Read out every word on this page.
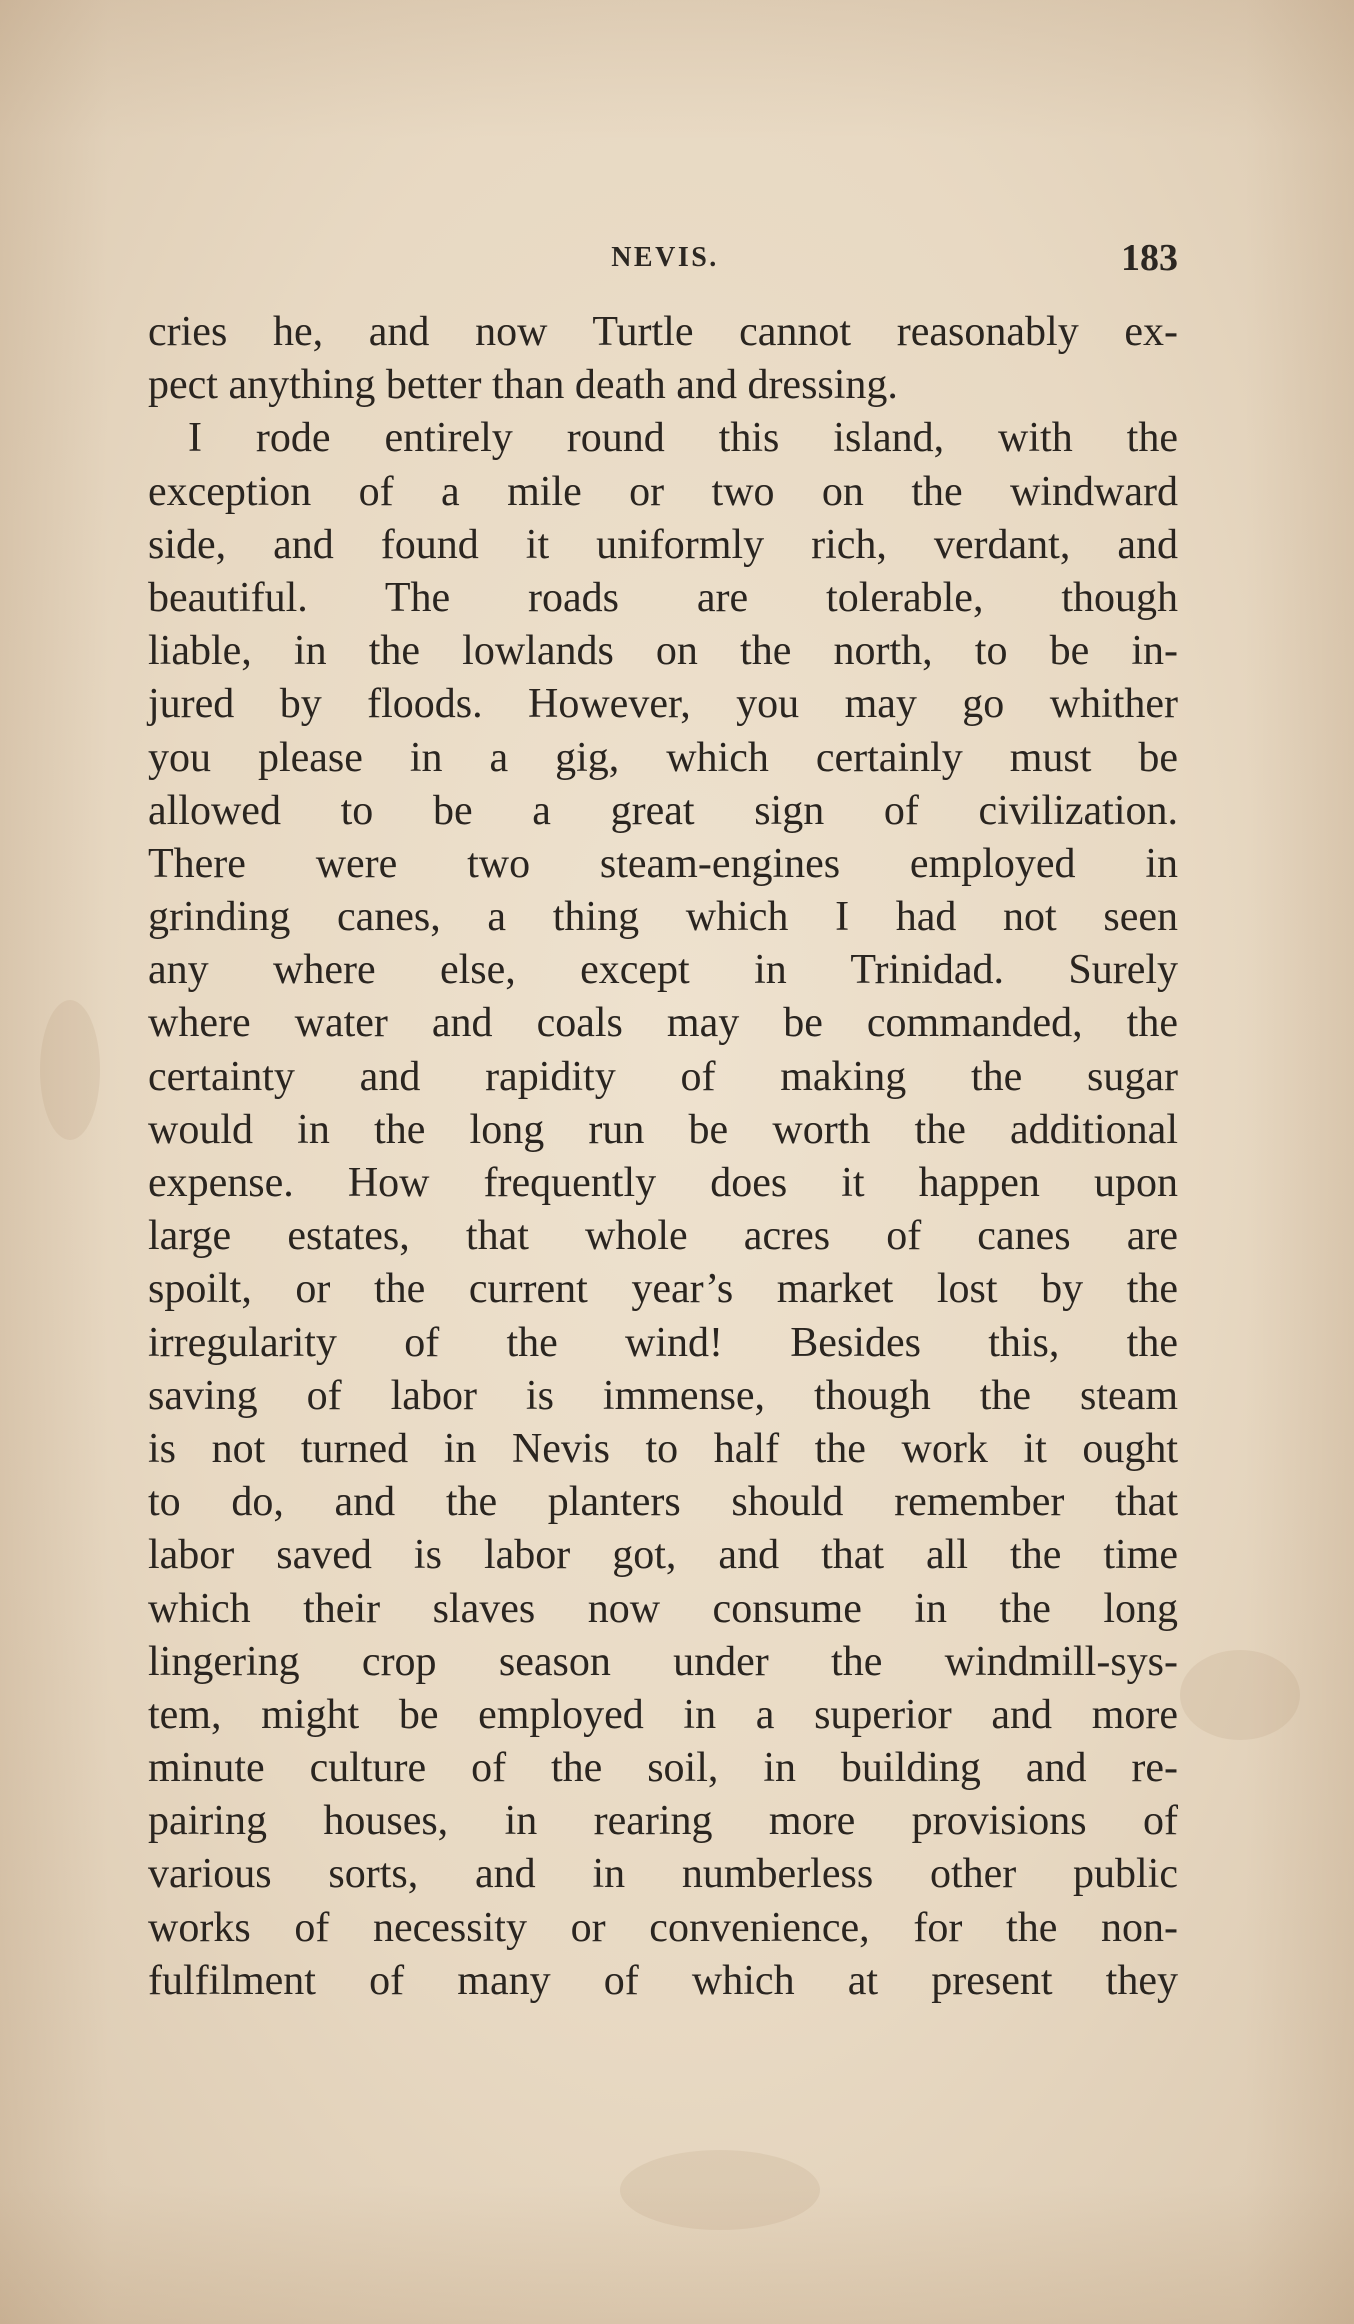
NEVIS.	183
cries he, and now Turtle cannot reasonably ex-
pect anything better than death and dressing.
I rode entirely round this island, with the
exception of a mile or two on the windward
side, and found it uniformly rich, verdant, and
beautiful. The roads are tolerable, though
liable, in the lowlands on the north, to be in-
jured by floods. However, you may go whither
you please in a gig, which certainly must be
allowed to be a great sign of civilization.
There were two steam-engines employed in
grinding canes, a thing which I had not seen
any where else, except in Trinidad. Surely
where water and coals may be commanded, the
certainty and rapidity of making the sugar
would in the long run be worth the additional
expense. How frequently does it happen upon
large estates, that whole acres of canes are
spoilt, or the current year’s market lost by the
irregularity of the wind! Besides this, the
saving of labor is immense, though the steam
is not turned in Nevis to half the work it ought
to do, and the planters should remember that
labor saved is labor got, and that all the time
which their slaves now consume in the long
lingering crop season under the windmill-sys-
tem, might be employed in a superior and more
minute culture of the soil, in building and re-
pairing houses, in rearing more provisions of
various sorts, and in numberless other public
works of necessity or convenience, for the non-
fulfilment of many of which at present they
